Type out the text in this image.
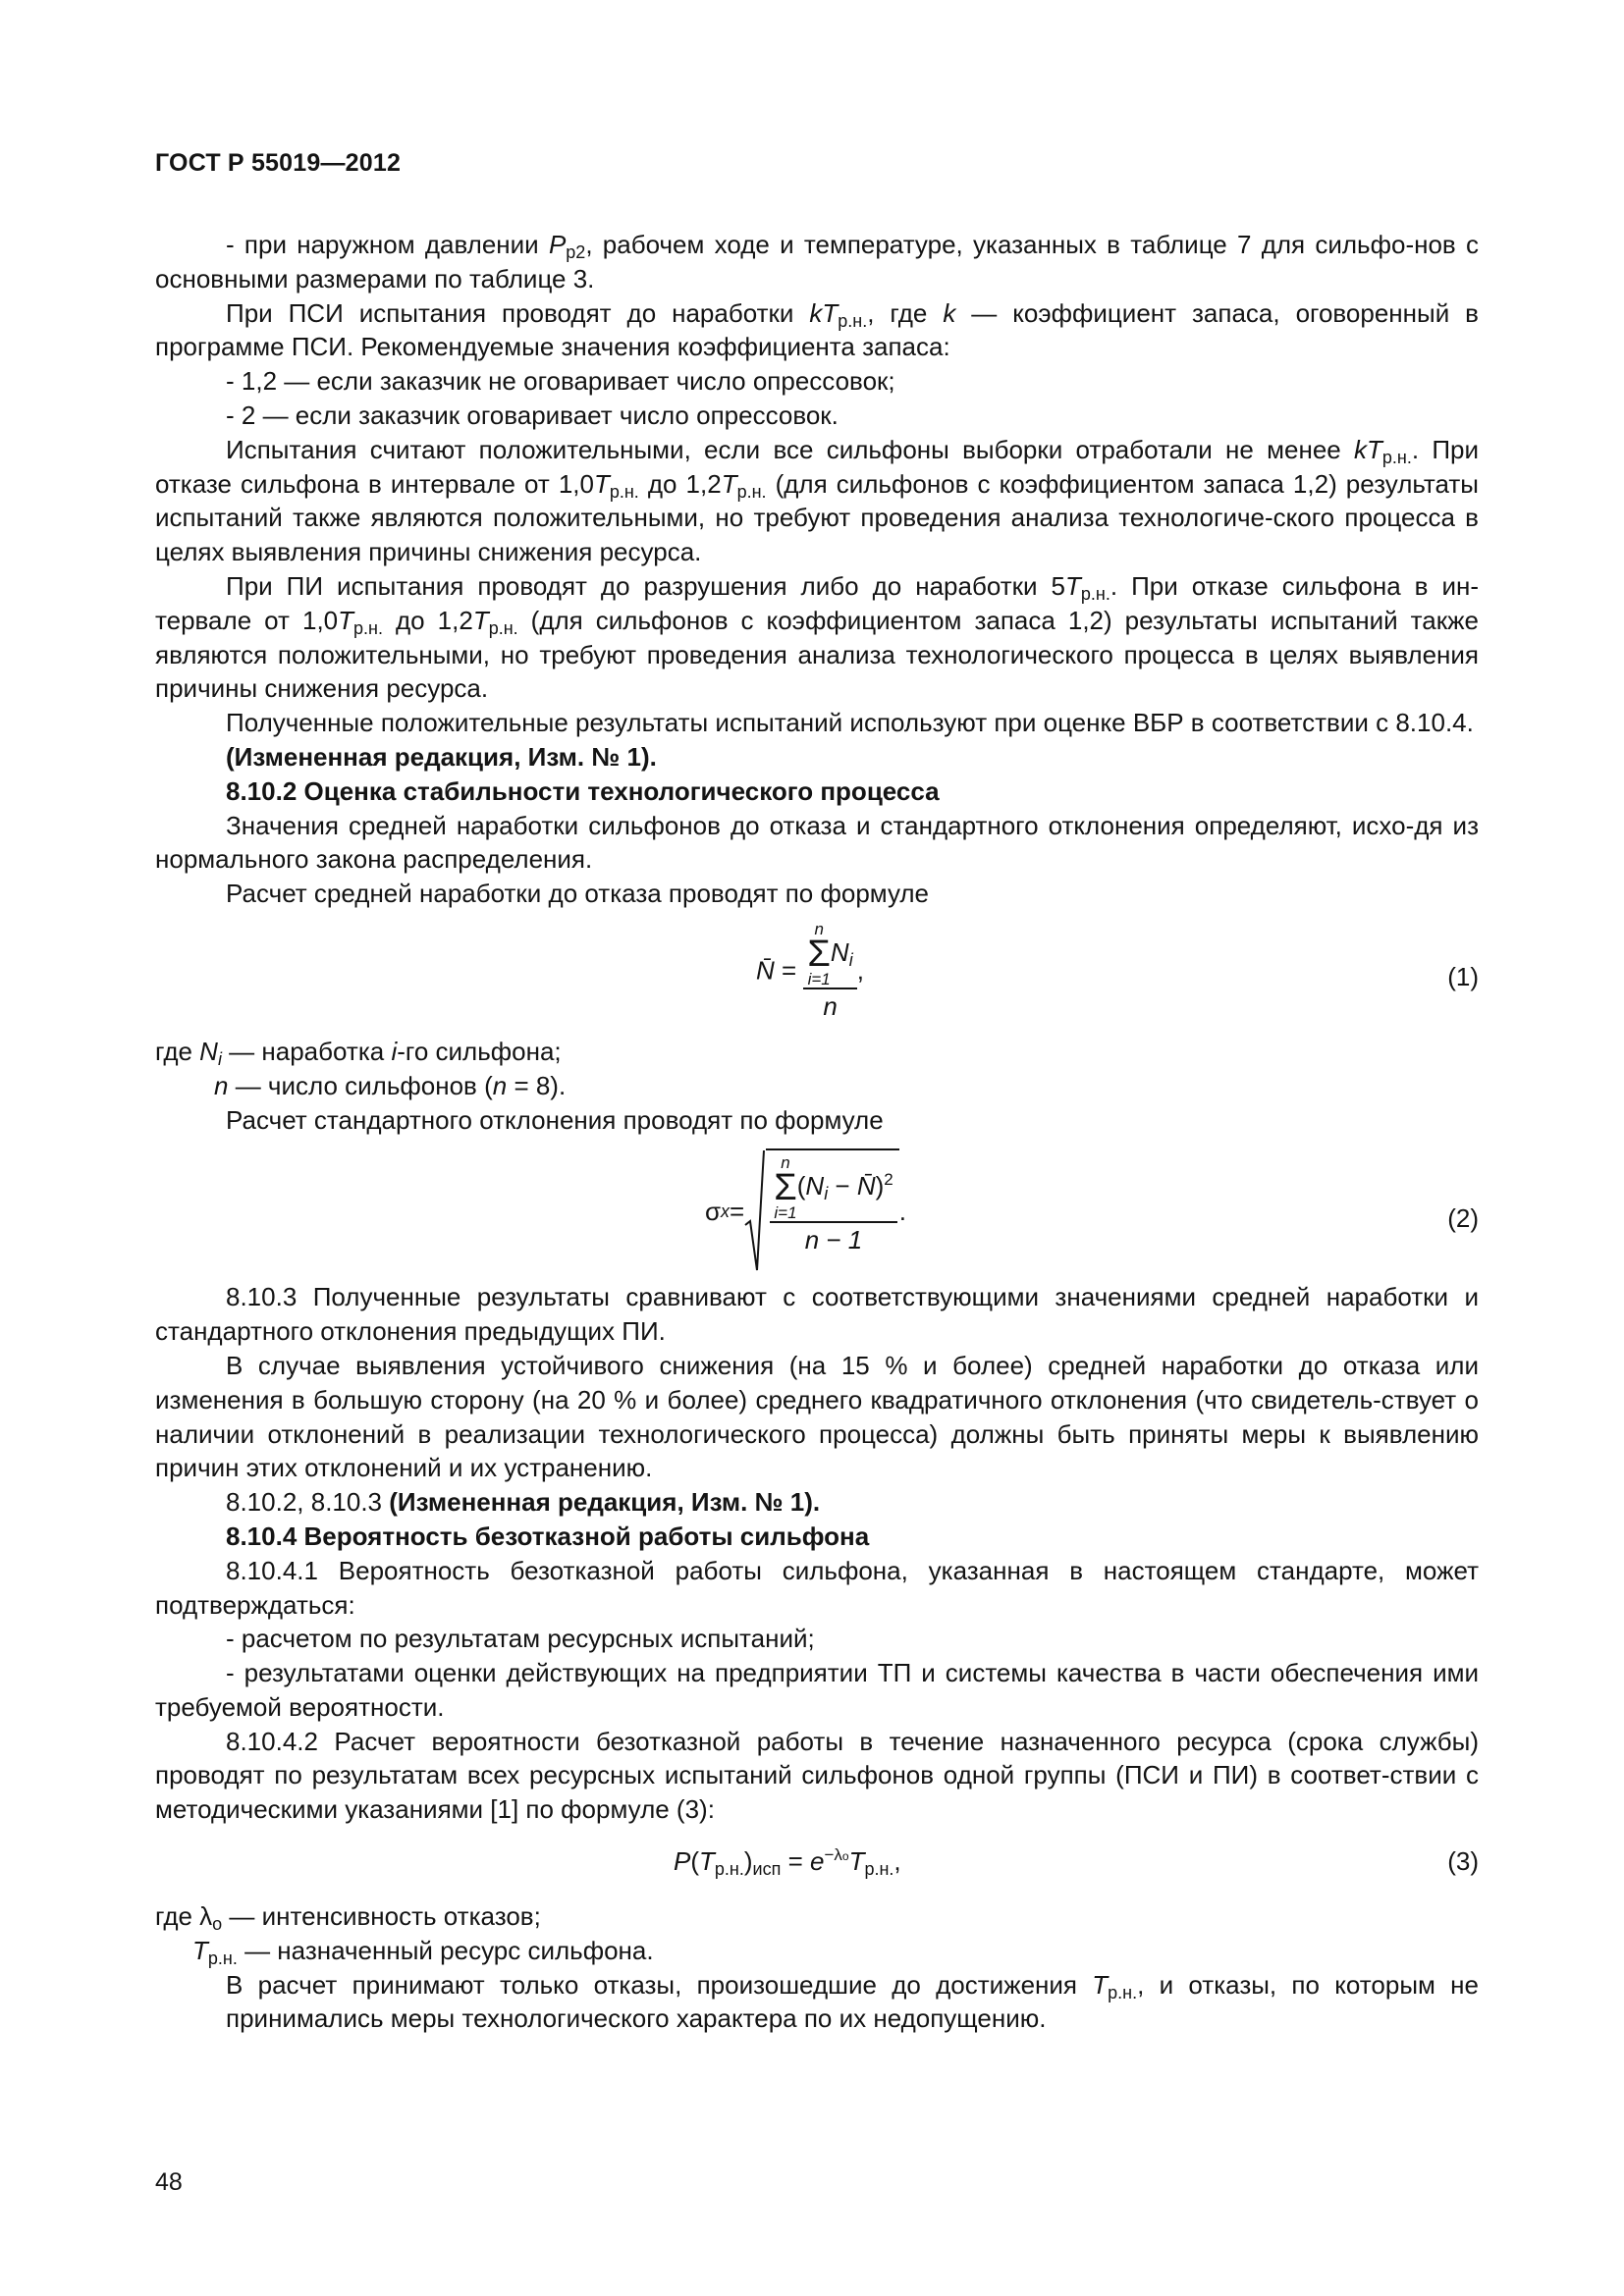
ГОСТ Р 55019—2012

- при наружном давлении $P_{р2}$, рабочем ходе и температуре, указанных в таблице 7 для сильфо-нов с основными размерами по таблице 3.

При ПСИ испытания проводят до наработки $kT_{р.н.}$, где k — коэффициент запаса, оговоренный в программе ПСИ. Рекомендуемые значения коэффициента запаса:

- 1,2 — если заказчик не оговаривает число опрессовок;

- 2 — если заказчик оговаривает число опрессовок.

Испытания считают положительными, если все сильфоны выборки отработали не менее $kT_{р.н.}$. При отказе сильфона в интервале от $1,0T_{р.н.}$ до $1,2T_{р.н.}$ (для сильфонов с коэффициентом запаса 1,2) результаты испытаний также являются положительными, но требуют проведения анализа технологиче-ского процесса в целях выявления причины снижения ресурса.

При ПИ испытания проводят до разрушения либо до наработки $5T_{р.н.}$. При отказе сильфона в ин-тервале от $1,0T_{р.н.}$ до $1,2T_{р.н.}$ (для сильфонов с коэффициентом запаса 1,2) результаты испытаний также являются положительными, но требуют проведения анализа технологического процесса в целях выявления причины снижения ресурса.

Полученные положительные результаты испытаний используют при оценке ВБР в соответствии с 8.10.4.

(Измененная редакция, Изм. № 1).

8.10.2 Оценка стабильности технологического процесса

Значения средней наработки сильфонов до отказа и стандартного отклонения определяют, исхо-дя из нормального закона распределения.

Расчет средней наработки до отказа проводят по формуле

N̄ = n
Σ
i=1
$N_i$
n ,	(1)

где $N_i$ — наработка i-го сильфона;

n — число сильфонов (n = 8).

Расчет стандартного отклонения проводят по формуле

σ x = n
Σ
i=1
($N_i$ − N̄)$^2$
n − 1 .	(2)

8.10.3 Полученные результаты сравнивают с соответствующими значениями средней наработки и стандартного отклонения предыдущих ПИ.

В случае выявления устойчивого снижения (на 15 % и более) средней наработки до отказа или изменения в большую сторону (на 20 % и более) среднего квадратичного отклонения (что свидетель-ствует о наличии отклонений в реализации технологического процесса) должны быть приняты меры к выявлению причин этих отклонений и их устранению.

8.10.2, 8.10.3 (Измененная редакция, Изм. № 1).

8.10.4 Вероятность безотказной работы сильфона

8.10.4.1 Вероятность безотказной работы сильфона, указанная в настоящем стандарте, может подтверждаться:

- расчетом по результатам ресурсных испытаний;

- результатами оценки действующих на предприятии ТП и системы качества в части обеспечения ими требуемой вероятности.

8.10.4.2 Расчет вероятности безотказной работы в течение назначенного ресурса (срока службы) проводят по результатам всех ресурсных испытаний сильфонов одной группы (ПСИ и ПИ) в соответ-ствии с методическими указаниями [1] по формуле (3):

$P(T_{р.н.})_{исп} = e^{-\lambda о}T_{р.н.}$,	(3)

где $\lambda_о$ — интенсивность отказов;

$T_{р.н.}$ — назначенный ресурс сильфона.

В расчет принимают только отказы, произошедшие до достижения $T_{р.н.}$, и отказы, по которым не принимались меры технологического характера по их недопущению.

48
